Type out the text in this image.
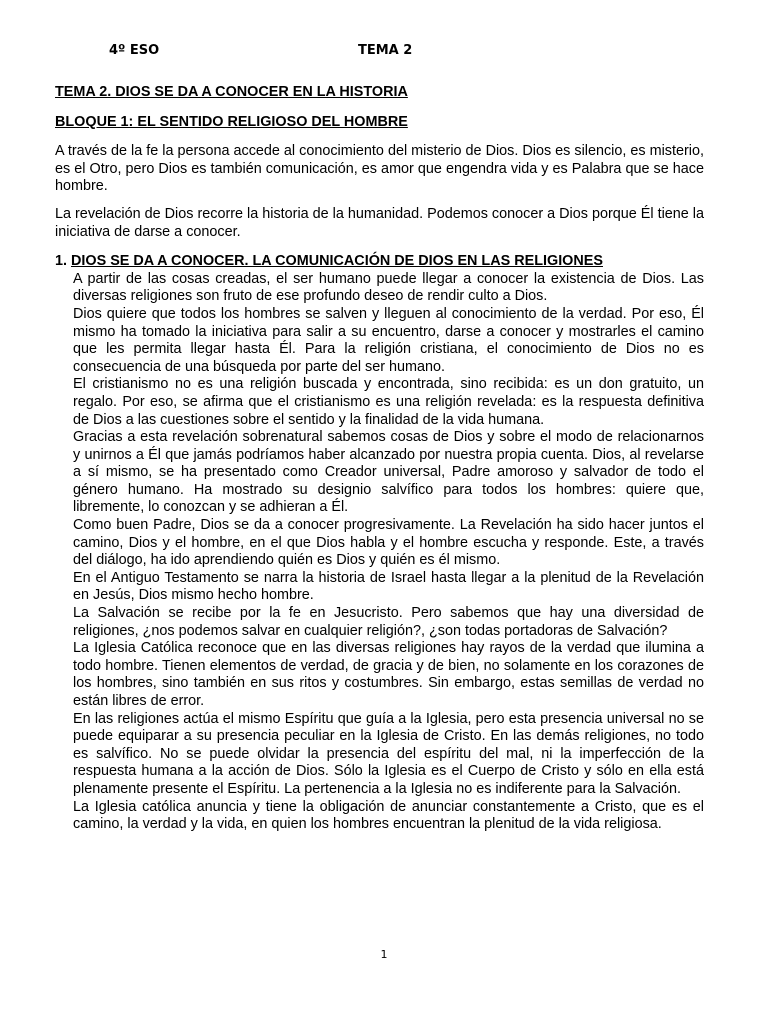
4º ESO	TEMA 2
TEMA 2. DIOS SE DA A CONOCER EN LA HISTORIA
BLOQUE 1: EL SENTIDO RELIGIOSO DEL HOMBRE

A través de la fe la persona accede al conocimiento del misterio de Dios. Dios es silencio, es misterio, es el Otro, pero Dios es también comunicación, es amor que engendra vida y es Palabra que se hace hombre.

La revelación de Dios recorre la historia de la humanidad. Podemos conocer a Dios porque Él tiene la iniciativa de darse a conocer.

1. DIOS SE DA A CONOCER. LA COMUNICACIÓN DE DIOS EN LAS RELIGIONES

A partir de las cosas creadas, el ser humano puede llegar a conocer la existencia de Dios. Las diversas religiones son fruto de ese profundo deseo de rendir culto a Dios.

Dios quiere que todos los hombres se salven y lleguen al conocimiento de la verdad. Por eso, Él mismo ha tomado la iniciativa para salir a su encuentro, darse a conocer y mostrarles el camino que les permita llegar hasta Él. Para la religión cristiana, el conocimiento de Dios no es consecuencia de una búsqueda por parte del ser humano.

El cristianismo no es una religión buscada y encontrada, sino recibida: es un don gratuito, un regalo. Por eso, se afirma que el cristianismo es una religión revelada: es la respuesta definitiva de Dios a las cuestiones sobre el sentido y la finalidad de la vida humana.

Gracias a esta revelación sobrenatural sabemos cosas de Dios y sobre el modo de relacionarnos y unirnos a Él que jamás podríamos haber alcanzado por nuestra propia cuenta. Dios, al revelarse a sí mismo, se ha presentado como Creador universal, Padre amoroso y salvador de todo el género humano. Ha mostrado su designio salvífico para todos los hombres: quiere que, libremente, lo conozcan y se adhieran a Él.

Como buen Padre, Dios se da a conocer progresivamente. La Revelación ha sido hacer juntos el camino, Dios y el hombre, en el que Dios habla y el hombre escucha y responde. Este, a través del diálogo, ha ido aprendiendo quién es Dios y quién es él mismo.

En el Antiguo Testamento se narra la historia de Israel hasta llegar a la plenitud de la Revelación en Jesús, Dios mismo hecho hombre.

La Salvación se recibe por la fe en Jesucristo. Pero sabemos que hay una diversidad de religiones, ¿nos podemos salvar en cualquier religión?, ¿son todas portadoras de Salvación?

La Iglesia Católica reconoce que en las diversas religiones hay rayos de la verdad que ilumina a todo hombre. Tienen elementos de verdad, de gracia y de bien, no solamente en los corazones de los hombres, sino también en sus ritos y costumbres. Sin embargo, estas semillas de verdad no están libres de error.

En las religiones actúa el mismo Espíritu que guía a la Iglesia, pero esta presencia universal no se puede equiparar a su presencia peculiar en la Iglesia de Cristo. En las demás religiones, no todo es salvífico. No se puede olvidar la presencia del espíritu del mal, ni la imperfección de la respuesta humana a la acción de Dios. Sólo la Iglesia es el Cuerpo de Cristo y sólo en ella está plenamente presente el Espíritu. La pertenencia a la Iglesia no es indiferente para la Salvación.

La Iglesia católica anuncia y tiene la obligación de anunciar constantemente a Cristo, que es el camino, la verdad y la vida, en quien los hombres encuentran la plenitud de la vida religiosa.

1
